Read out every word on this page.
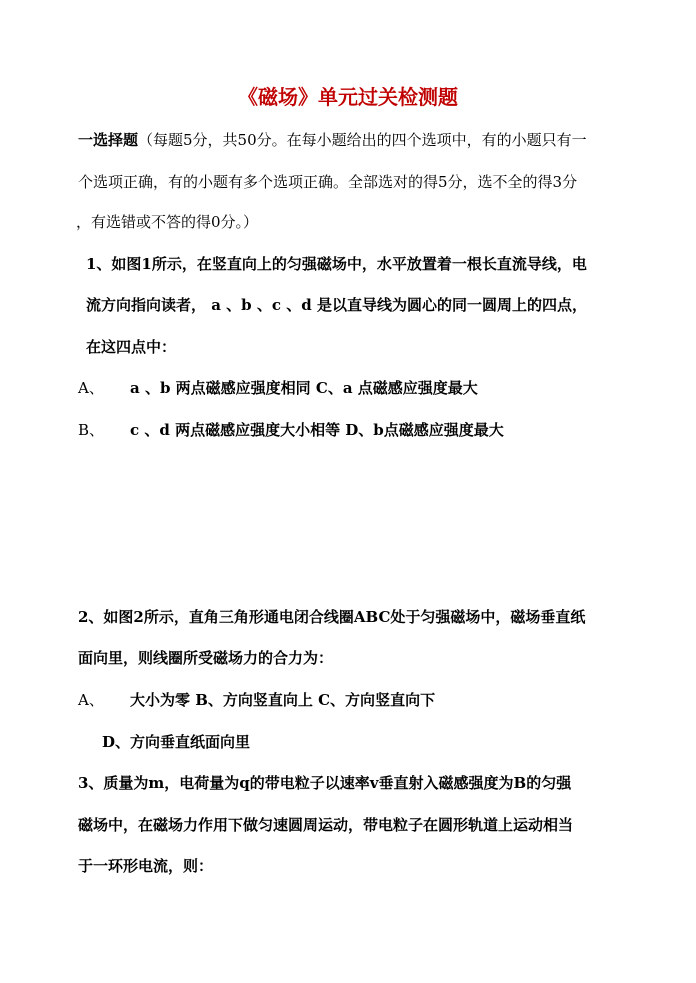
《磁场》单元过关检测题
一选择题（每题5分，共50分。在每小题给出的四个选项中，有的小题只有一
个选项正确，有的小题有多个选项正确。全部选对的得5分，选不全的得3分
，有选错或不答的得0分。）
1、如图1所示，在竖直向上的匀强磁场中，水平放置着一根长直流导线，电
流方向指向读者， a 、b 、c 、d 是以直导线为圆心的同一圆周上的四点，
在这四点中：
A、 a 、b 两点磁感应强度相同 C、a 点磁感应强度最大
B、 c 、d 两点磁感应强度大小相等 D、b点磁感应强度最大
2、如图2所示，直角三角形通电闭合线圈ABC处于匀强磁场中，磁场垂直纸
面向里，则线圈所受磁场力的合力为：
A、 大小为零 B、方向竖直向上 C、方向竖直向下
D、方向垂直纸面向里
3、质量为m，电荷量为q的带电粒子以速率v垂直射入磁感强度为B的匀强
磁场中，在磁场力作用下做匀速圆周运动，带电粒子在圆形轨道上运动相当
于一环形电流，则：
